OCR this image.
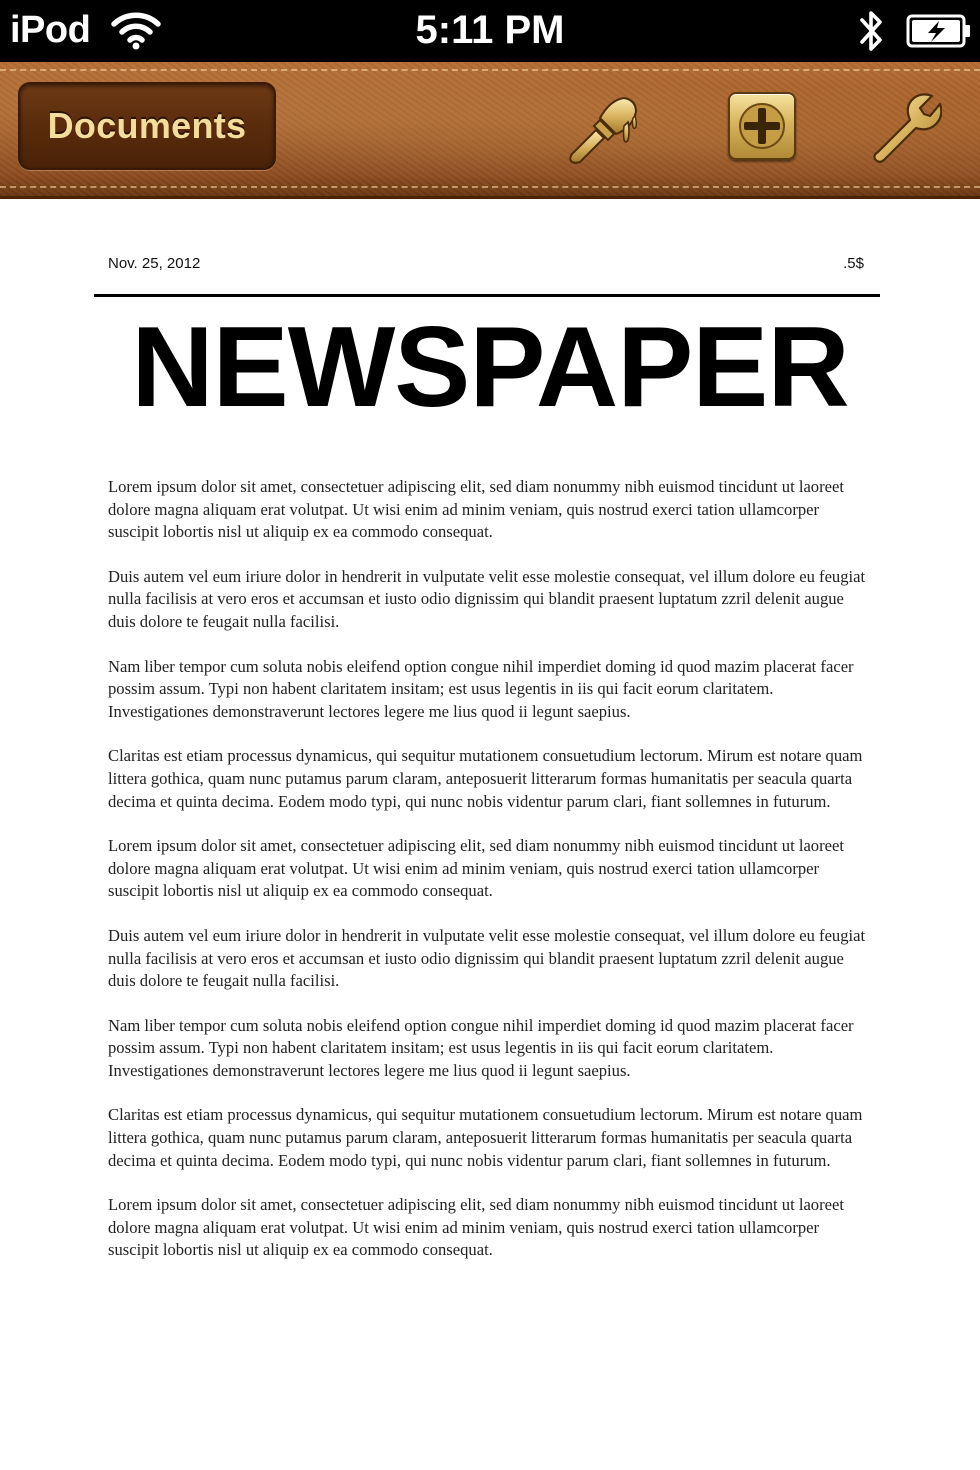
iPod	5:11 PM
Documents
Nov. 25, 2012	.5$
NEWSPAPER

Lorem ipsum dolor sit amet, consectetuer adipiscing elit, sed diam nonummy nibh euismod tincidunt ut laoreet dolore magna aliquam erat volutpat. Ut wisi enim ad minim veniam, quis nostrud exerci tation ullamcorper suscipit lobortis nisl ut aliquip ex ea commodo consequat.

Duis autem vel eum iriure dolor in hendrerit in vulputate velit esse molestie consequat, vel illum dolore eu feugiat nulla facilisis at vero eros et accumsan et iusto odio dignissim qui blandit praesent luptatum zzril delenit augue duis dolore te feugait nulla facilisi.

Nam liber tempor cum soluta nobis eleifend option congue nihil imperdiet doming id quod mazim placerat facer possim assum. Typi non habent claritatem insitam; est usus legentis in iis qui facit eorum claritatem. Investigationes demonstraverunt lectores legere me lius quod ii legunt saepius.

Claritas est etiam processus dynamicus, qui sequitur mutationem consuetudium lectorum. Mirum est notare quam littera gothica, quam nunc putamus parum claram, anteposuerit litterarum formas humanitatis per seacula quarta decima et quinta decima. Eodem modo typi, qui nunc nobis videntur parum clari, fiant sollemnes in futurum.

Lorem ipsum dolor sit amet, consectetuer adipiscing elit, sed diam nonummy nibh euismod tincidunt ut laoreet dolore magna aliquam erat volutpat. Ut wisi enim ad minim veniam, quis nostrud exerci tation ullamcorper suscipit lobortis nisl ut aliquip ex ea commodo consequat.

Duis autem vel eum iriure dolor in hendrerit in vulputate velit esse molestie consequat, vel illum dolore eu feugiat nulla facilisis at vero eros et accumsan et iusto odio dignissim qui blandit praesent luptatum zzril delenit augue duis dolore te feugait nulla facilisi.

Nam liber tempor cum soluta nobis eleifend option congue nihil imperdiet doming id quod mazim placerat facer possim assum. Typi non habent claritatem insitam; est usus legentis in iis qui facit eorum claritatem. Investigationes demonstraverunt lectores legere me lius quod ii legunt saepius.

Claritas est etiam processus dynamicus, qui sequitur mutationem consuetudium lectorum. Mirum est notare quam littera gothica, quam nunc putamus parum claram, anteposuerit litterarum formas humanitatis per seacula quarta decima et quinta decima. Eodem modo typi, qui nunc nobis videntur parum clari, fiant sollemnes in futurum.

Lorem ipsum dolor sit amet, consectetuer adipiscing elit, sed diam nonummy nibh euismod tincidunt ut laoreet dolore magna aliquam erat volutpat. Ut wisi enim ad minim veniam, quis nostrud exerci tation ullamcorper suscipit lobortis nisl ut aliquip ex ea commodo consequat.
